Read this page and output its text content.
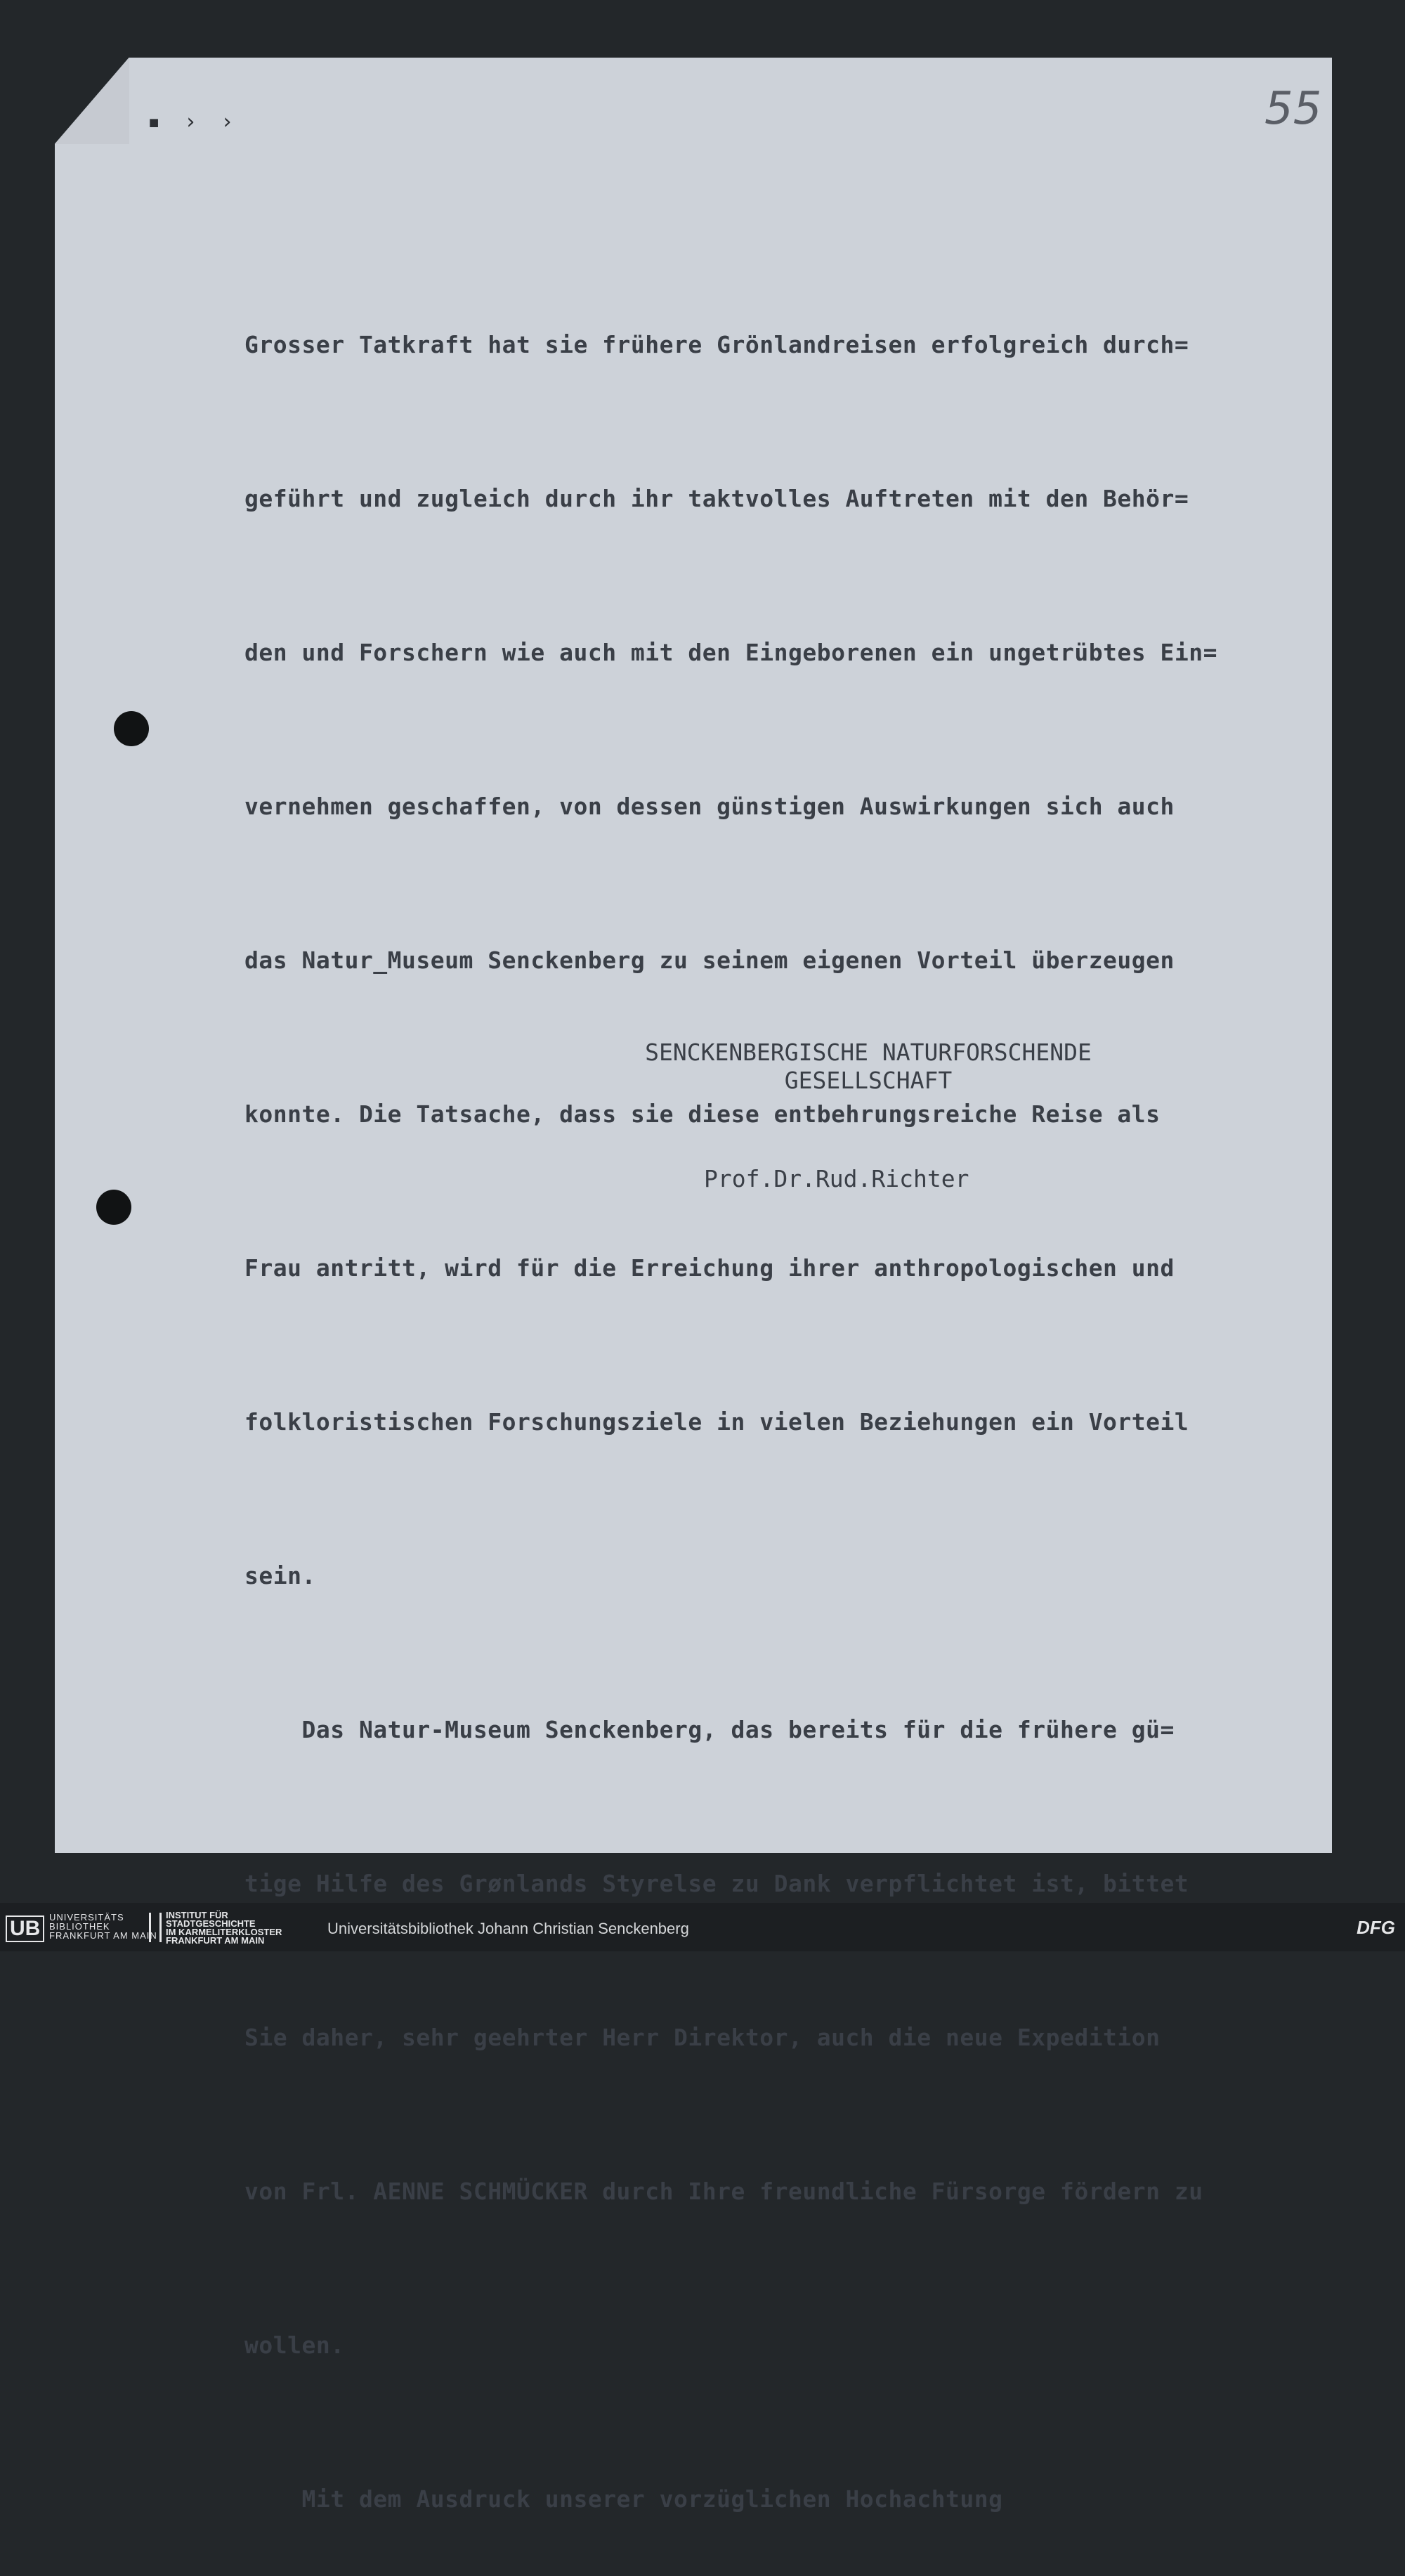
▪ › ›	55

Grosser Tatkraft hat sie frühere Grönlandreisen erfolgreich durch=

geführt und zugleich durch ihr taktvolles Auftreten mit den Behör=

den und Forschern wie auch mit den Eingeborenen ein ungetrübtes Ein=

vernehmen geschaffen, von dessen günstigen Auswirkungen sich auch

das Natur_Museum Senckenberg zu seinem eigenen Vorteil überzeugen

konnte. Die Tatsache, dass sie diese entbehrungsreiche Reise als

Frau antritt, wird für die Erreichung ihrer anthropologischen und

folkloristischen Forschungsziele in vielen Beziehungen ein Vorteil

sein.

Das Natur-Museum Senckenberg, das bereits für die frühere gü=

tige Hilfe des Grønlands Styrelse zu Dank verpflichtet ist, bittet

Sie daher, sehr geehrter Herr Direktor, auch die neue Expedition

von Frl. AENNE SCHMÜCKER durch Ihre freundliche Fürsorge fördern zu

wollen.

Mit dem Ausdruck unserer vorzüglichen Hochachtung

SENCKENBERGISCHE NATURFORSCHENDE
GESELLSCHAFT
Prof.Dr.Rud.Richter
UB UNIVERSITÄTS
BIBLIOTHEK
FRANKFURT AM MAIN
INSTITUT FÜR
STADTGESCHICHTE
IM KARMELITERKLOSTER
FRANKFURT AM MAIN
Universitätsbibliothek Johann Christian Senckenberg	DFG
